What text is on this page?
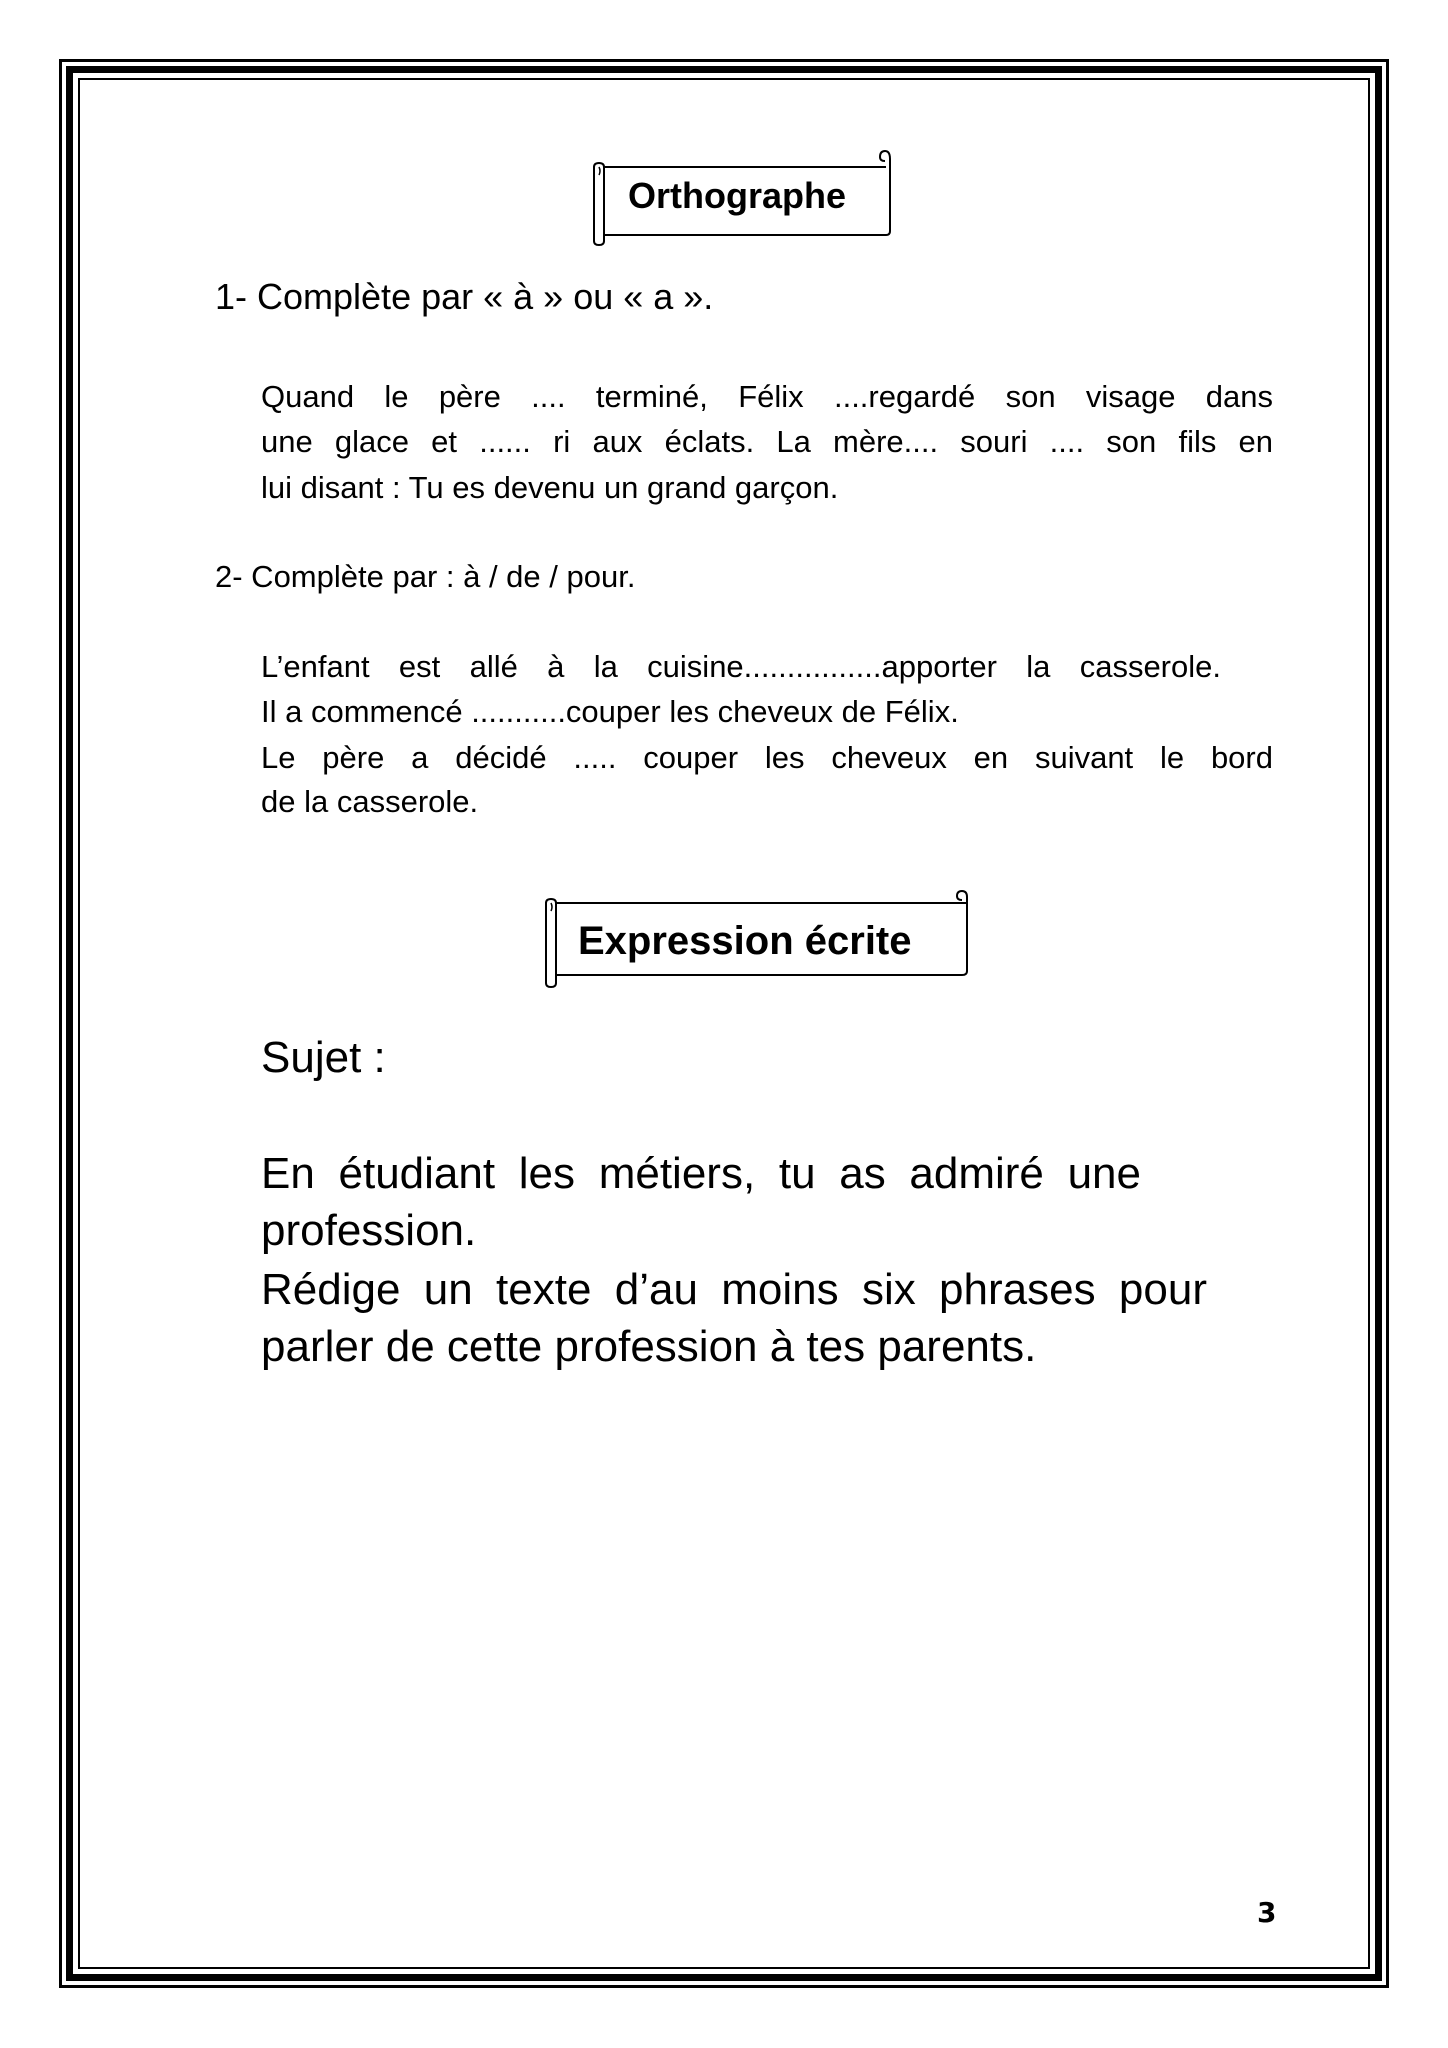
Orthographe
1- Complète par « à » ou « a ».
Quand le père .... terminé, Félix ....regardé son visage dans
une glace et ...... ri aux éclats. La mère.... souri .... son fils en
lui disant : Tu es devenu un grand garçon.
2- Complète par : à / de / pour.
L’enfant est allé à la cuisine................apporter la casserole.
Il a commencé ...........couper les cheveux de Félix.
Le père a décidé ..... couper les cheveux en suivant le bord
de la casserole.
Expression écrite
Sujet :
En étudiant les métiers, tu as admiré une
profession.
Rédige un texte d’au moins six phrases pour
parler de cette profession à tes parents.
3
